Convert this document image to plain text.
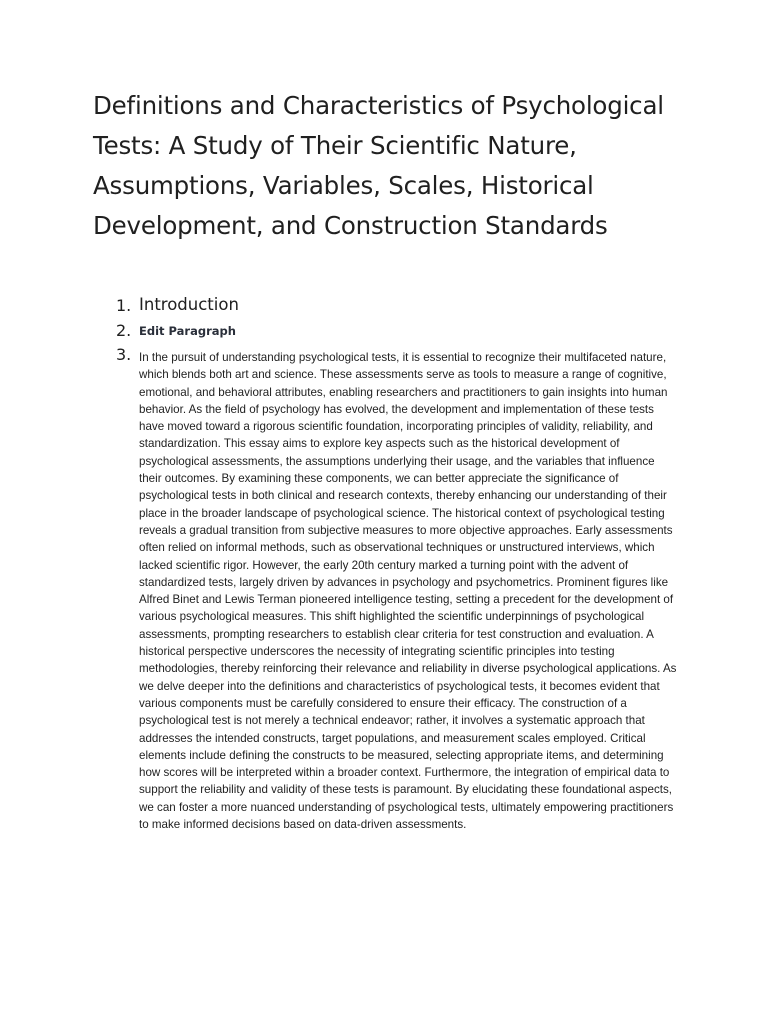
Definitions and Characteristics of Psychological Tests: A Study of Their Scientific Nature, Assumptions, Variables, Scales, Historical Development, and Construction Standards
1. Introduction
2. Edit Paragraph
3. In the pursuit of understanding psychological tests, it is essential to recognize their multifaceted nature, which blends both art and science. These assessments serve as tools to measure a range of cognitive, emotional, and behavioral attributes, enabling researchers and practitioners to gain insights into human behavior. As the field of psychology has evolved, the development and implementation of these tests have moved toward a rigorous scientific foundation, incorporating principles of validity, reliability, and standardization. This essay aims to explore key aspects such as the historical development of psychological assessments, the assumptions underlying their usage, and the variables that influence their outcomes. By examining these components, we can better appreciate the significance of psychological tests in both clinical and research contexts, thereby enhancing our understanding of their place in the broader landscape of psychological science. The historical context of psychological testing reveals a gradual transition from subjective measures to more objective approaches. Early assessments often relied on informal methods, such as observational techniques or unstructured interviews, which lacked scientific rigor. However, the early 20th century marked a turning point with the advent of standardized tests, largely driven by advances in psychology and psychometrics. Prominent figures like Alfred Binet and Lewis Terman pioneered intelligence testing, setting a precedent for the development of various psychological measures. This shift highlighted the scientific underpinnings of psychological assessments, prompting researchers to establish clear criteria for test construction and evaluation. A historical perspective underscores the necessity of integrating scientific principles into testing methodologies, thereby reinforcing their relevance and reliability in diverse psychological applications. As we delve deeper into the definitions and characteristics of psychological tests, it becomes evident that various components must be carefully considered to ensure their efficacy. The construction of a psychological test is not merely a technical endeavor; rather, it involves a systematic approach that addresses the intended constructs, target populations, and measurement scales employed. Critical elements include defining the constructs to be measured, selecting appropriate items, and determining how scores will be interpreted within a broader context. Furthermore, the integration of empirical data to support the reliability and validity of these tests is paramount. By elucidating these foundational aspects, we can foster a more nuanced understanding of psychological tests, ultimately empowering practitioners to make informed decisions based on data-driven assessments.
